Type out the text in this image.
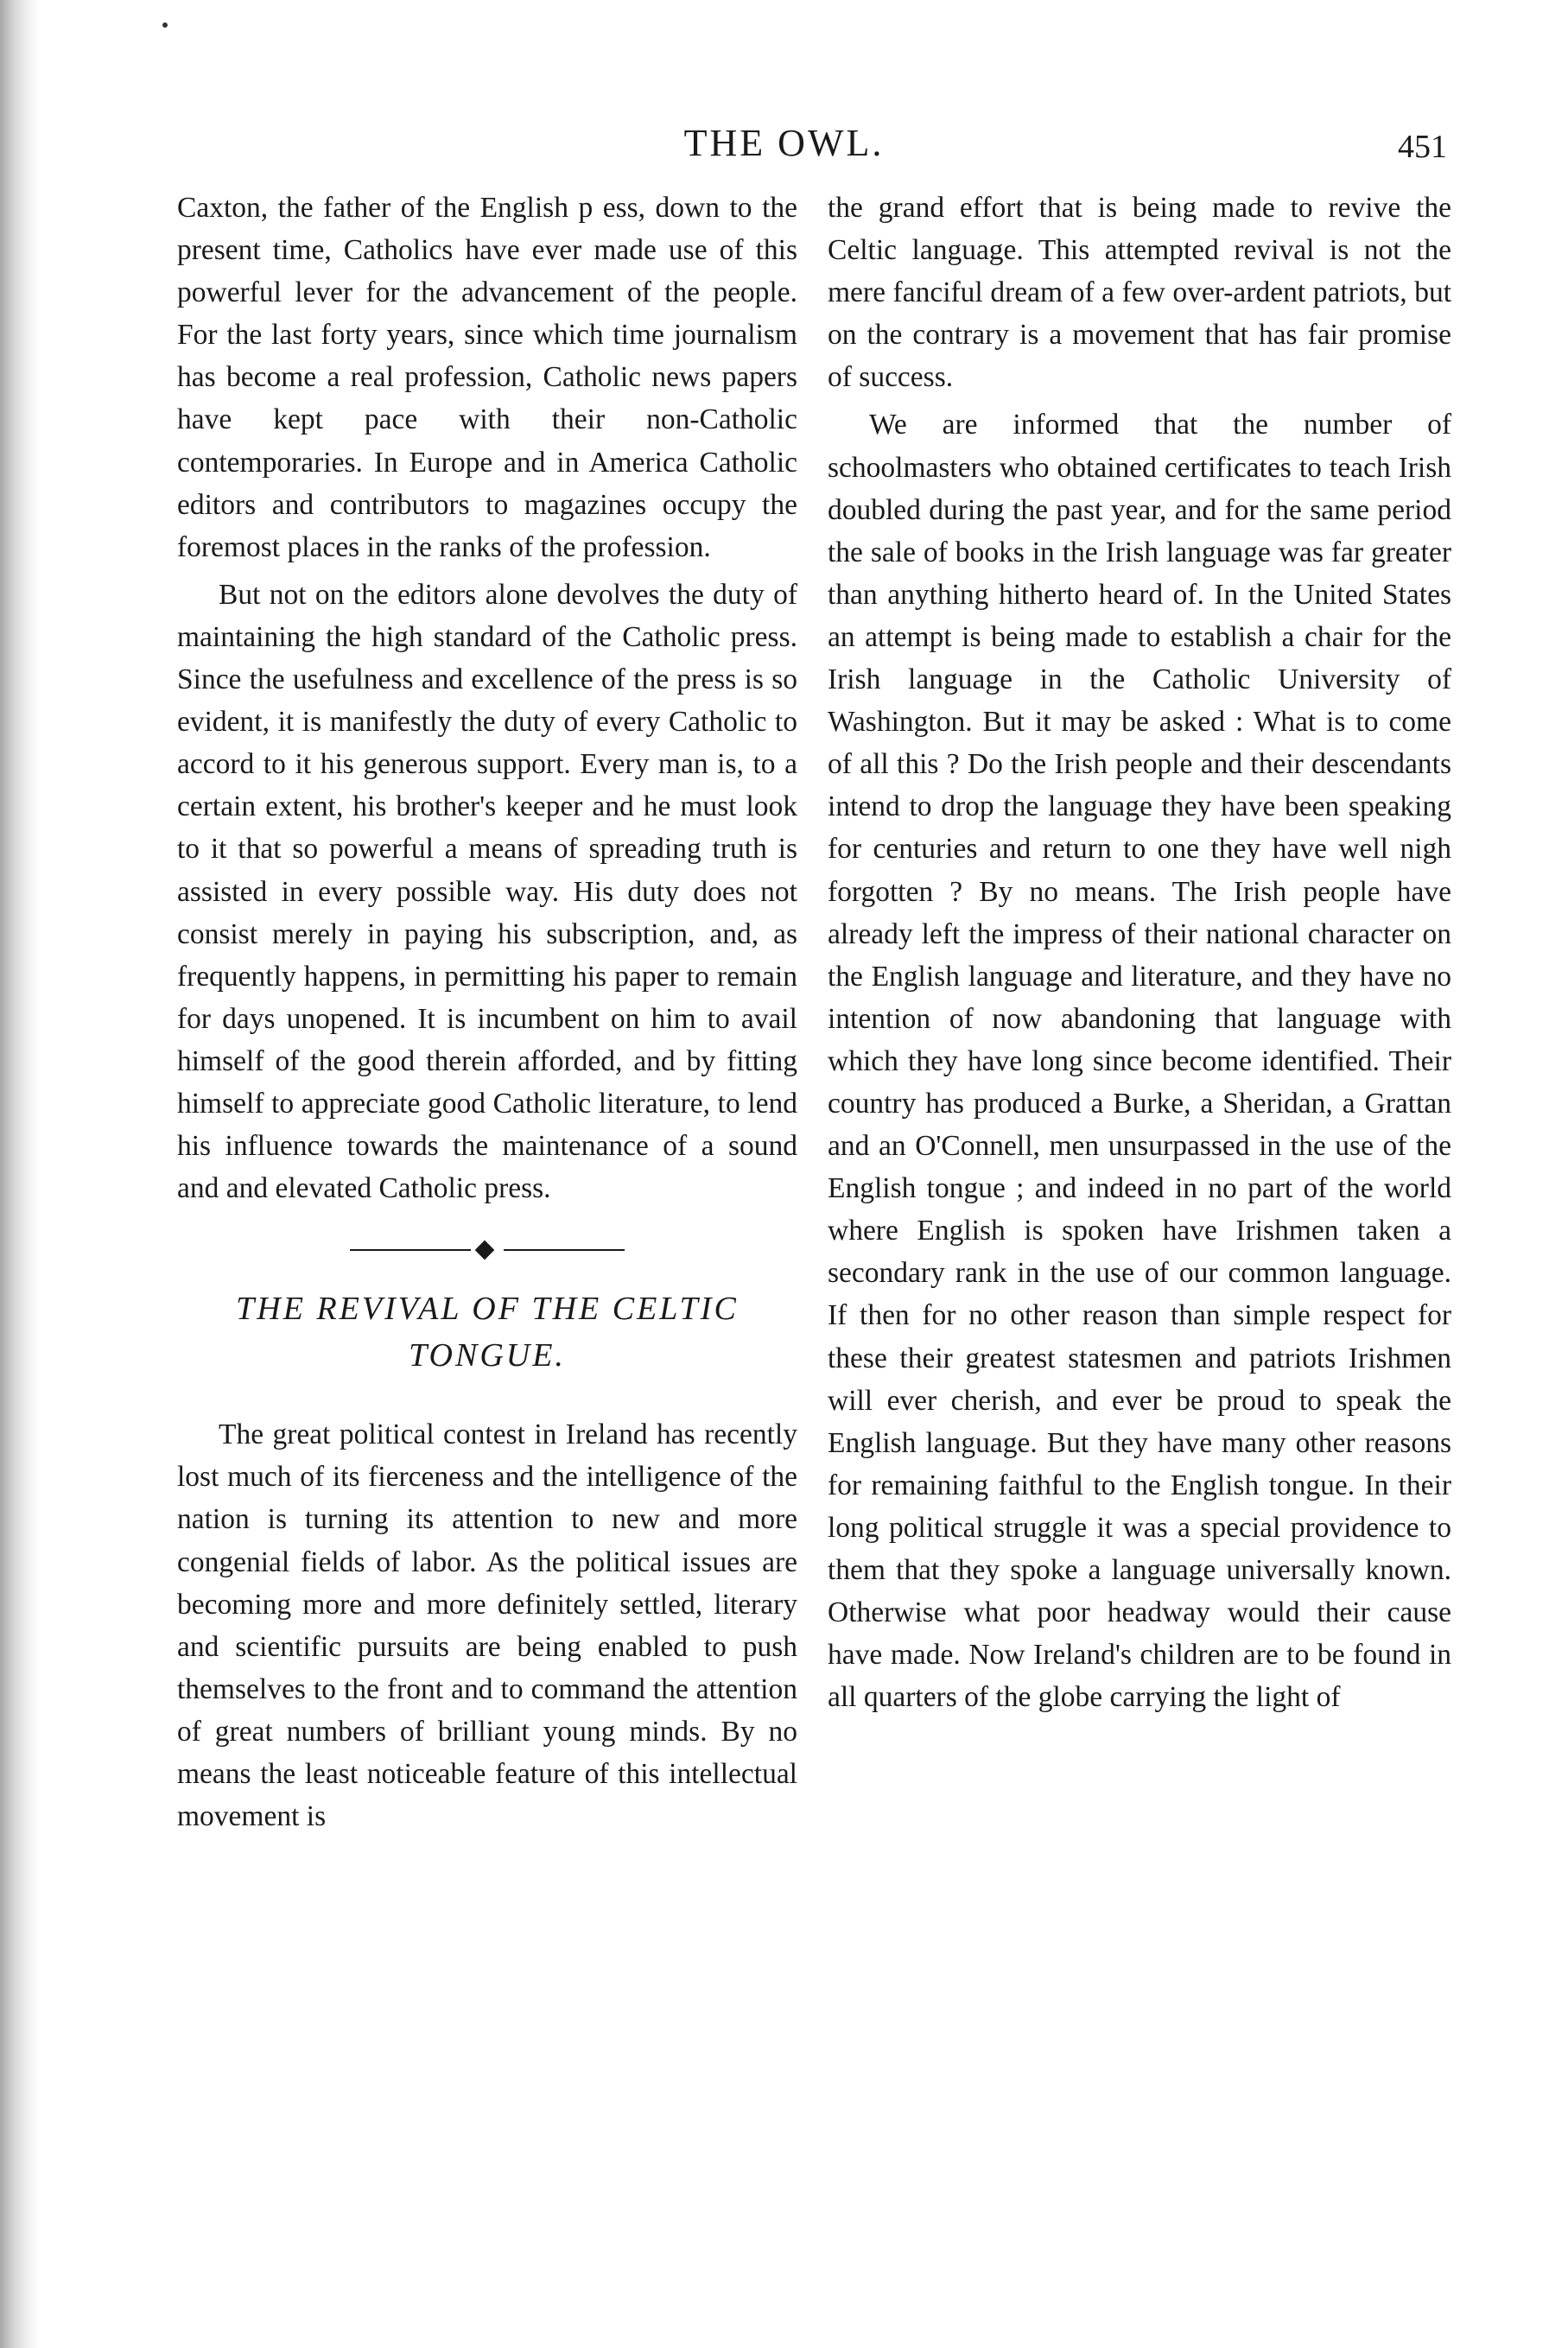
THE OWL.	451

Caxton, the father of the English p ess, down to the present time, Catholics have ever made use of this powerful lever for the advancement of the people. For the last forty years, since which time journalism has become a real profession, Catholic news papers have kept pace with their non-Catholic contemporaries. In Europe and in America Catholic editors and contributors to magazines occupy the foremost places in the ranks of the profession.

But not on the editors alone devolves the duty of maintaining the high standard of the Catholic press. Since the usefulness and excellence of the press is so evident, it is manifestly the duty of every Catholic to accord to it his generous support. Every man is, to a certain extent, his brother's keeper and he must look to it that so powerful a means of spreading truth is assisted in every possible way. His duty does not consist merely in paying his subscription, and, as frequently happens, in permitting his paper to remain for days unopened. It is incumbent on him to avail himself of the good therein afforded, and by fitting himself to appreciate good Catholic literature, to lend his influence towards the maintenance of a sound and and elevated Catholic press.

THE REVIVAL OF THE CELTIC
TONGUE.

The great political contest in Ireland has recently lost much of its fierceness and the intelligence of the nation is turning its attention to new and more congenial fields of labor. As the political issues are becoming more and more definitely settled, literary and scientific pursuits are being enabled to push themselves to the front and to command the attention of great numbers of brilliant young minds. By no means the least noticeable feature of this intellectual movement is

the grand effort that is being made to revive the Celtic language. This attempted revival is not the mere fanciful dream of a few over-ardent patriots, but on the contrary is a movement that has fair promise of success.

We are informed that the number of schoolmasters who obtained certificates to teach Irish doubled during the past year, and for the same period the sale of books in the Irish language was far greater than anything hitherto heard of. In the United States an attempt is being made to establish a chair for the Irish language in the Catholic University of Washington. But it may be asked : What is to come of all this ? Do the Irish people and their descendants intend to drop the language they have been speaking for centuries and return to one they have well nigh forgotten ? By no means. The Irish people have already left the impress of their national character on the English language and literature, and they have no intention of now abandoning that language with which they have long since become identified. Their country has produced a Burke, a Sheridan, a Grattan and an O'Connell, men unsurpassed in the use of the English tongue ; and indeed in no part of the world where English is spoken have Irishmen taken a secondary rank in the use of our common language. If then for no other reason than simple respect for these their greatest statesmen and patriots Irishmen will ever cherish, and ever be proud to speak the English language. But they have many other reasons for remaining faithful to the English tongue. In their long political struggle it was a special providence to them that they spoke a language universally known. Otherwise what poor headway would their cause have made. Now Ireland's children are to be found in all quarters of the globe carrying the light of
